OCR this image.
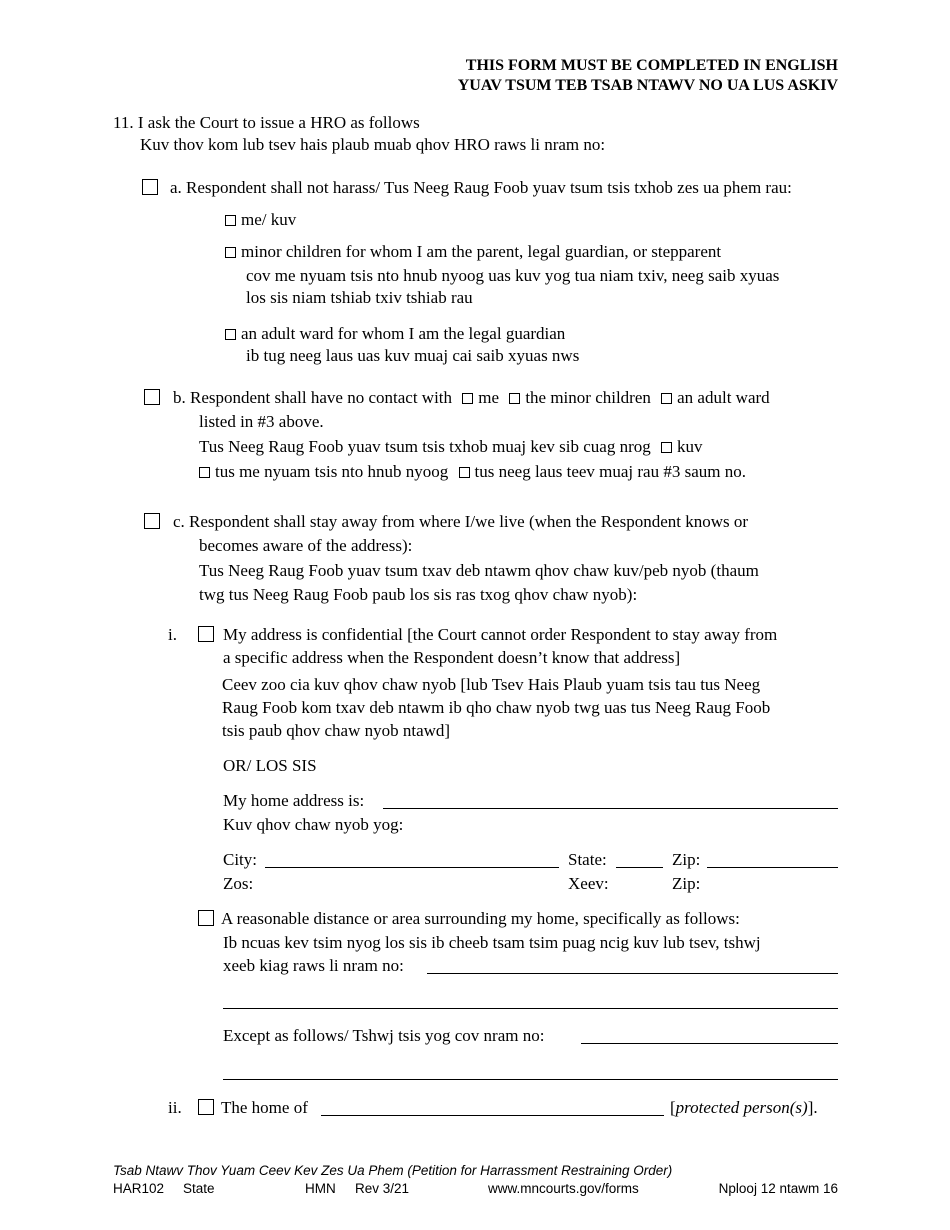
THIS FORM MUST BE COMPLETED IN ENGLISH
YUAV TSUM TEB TSAB NTAWV NO UA LUS ASKIV
11. I ask the Court to issue a HRO as follows
Kuv thov kom lub tsev hais plaub muab qhov HRO raws li nram no:
a. Respondent shall not harass/ Tus Neeg Raug Foob yuav tsum tsis txhob zes ua phem rau:
me/ kuv
minor children for whom I am the parent, legal guardian, or stepparent
cov me nyuam tsis nto hnub nyoog uas kuv yog tua niam txiv, neeg saib xyuas
los sis niam tshiab txiv tshiab rau
an adult ward for whom I am the legal guardian
ib tug neeg laus uas kuv muaj cai saib xyuas nws
b. Respondent shall have no contact with me the minor children an adult ward
listed in #3 above.
Tus Neeg Raug Foob yuav tsum tsis txhob muaj kev sib cuag nrog kuv
tus me nyuam tsis nto hnub nyoog tus neeg laus teev muaj rau #3 saum no.
c. Respondent shall stay away from where I/we live (when the Respondent knows or
becomes aware of the address):
Tus Neeg Raug Foob yuav tsum txav deb ntawm qhov chaw kuv/peb nyob (thaum
twg tus Neeg Raug Foob paub los sis ras txog qhov chaw nyob):
i.	My address is confidential [the Court cannot order Respondent to stay away from
a specific address when the Respondent doesn’t know that address]
Ceev zoo cia kuv qhov chaw nyob [lub Tsev Hais Plaub yuam tsis tau tus Neeg
Raug Foob kom txav deb ntawm ib qho chaw nyob twg uas tus Neeg Raug Foob
tsis paub qhov chaw nyob ntawd]
OR/ LOS SIS
My home address is:
Kuv qhov chaw nyob yog:
City:	State:	Zip:
Zos:	Xeev:	Zip:
A reasonable distance or area surrounding my home, specifically as follows:
Ib ncuas kev tsim nyog los sis ib cheeb tsam tsim puag ncig kuv lub tsev, tshwj
xeeb kiag raws li nram no:
Except as follows/ Tshwj tsis yog cov nram no:
ii. The home of	[protected person(s)].
Tsab Ntawv Thov Yuam Ceev Kev Zes Ua Phem (Petition for Harrassment Restraining Order)
HAR102 State	HMN Rev 3/21	www.mncourts.gov/forms	Nplooj 12 ntawm 16
